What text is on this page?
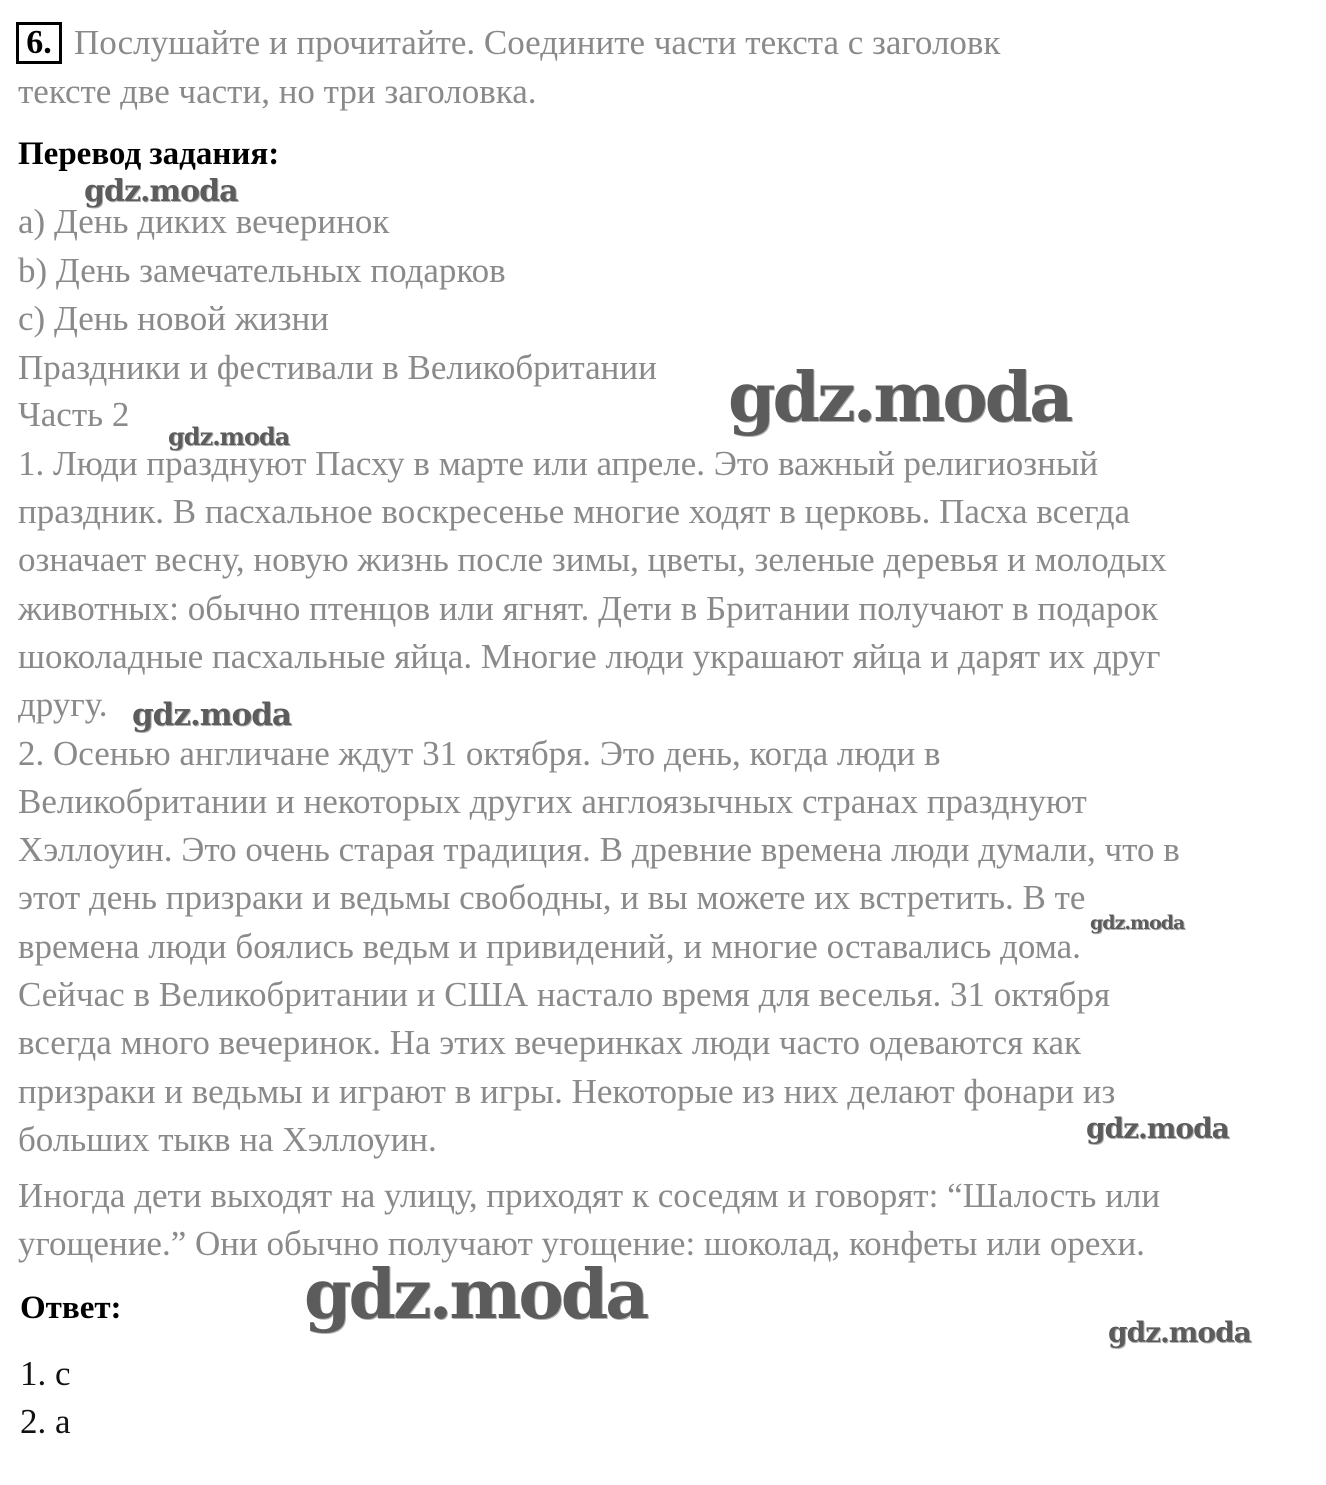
6. Послушайте и прочитайте. Соедините части текста с заголовк
тексте две части, но три заголовка.
Перевод задания:
a) День диких вечеринок
b) День замечательных подарков
c) День новой жизни
Праздники и фестивали в Великобритании
Часть 2
1. Люди празднуют Пасху в марте или апреле. Это важный религиозный
праздник. В пасхальное воскресенье многие ходят в церковь. Пасха всегда
означает весну, новую жизнь после зимы, цветы, зеленые деревья и молодых
животных: обычно птенцов или ягнят. Дети в Британии получают в подарок
шоколадные пасхальные яйца. Многие люди украшают яйца и дарят их друг
другу.
2. Осенью англичане ждут 31 октября. Это день, когда люди в
Великобритании и некоторых других англоязычных странах празднуют
Хэллоуин. Это очень старая традиция. В древние времена люди думали, что в
этот день призраки и ведьмы свободны, и вы можете их встретить. В те
времена люди боялись ведьм и привидений, и многие оставались дома.
Сейчас в Великобритании и США настало время для веселья. 31 октября
всегда много вечеринок. На этих вечеринках люди часто одеваются как
призраки и ведьмы и играют в игры. Некоторые из них делают фонари из
больших тыкв на Хэллоуин.
Иногда дети выходят на улицу, приходят к соседям и говорят: “Шалость или
угощение.” Они обычно получают угощение: шоколад, конфеты или орехи.
Ответ:
1. с
2. a
gdz.moda
gdz.moda
gdz.moda
gdz.moda
gdz.moda
gdz.moda
gdz.moda	gdz.moda
